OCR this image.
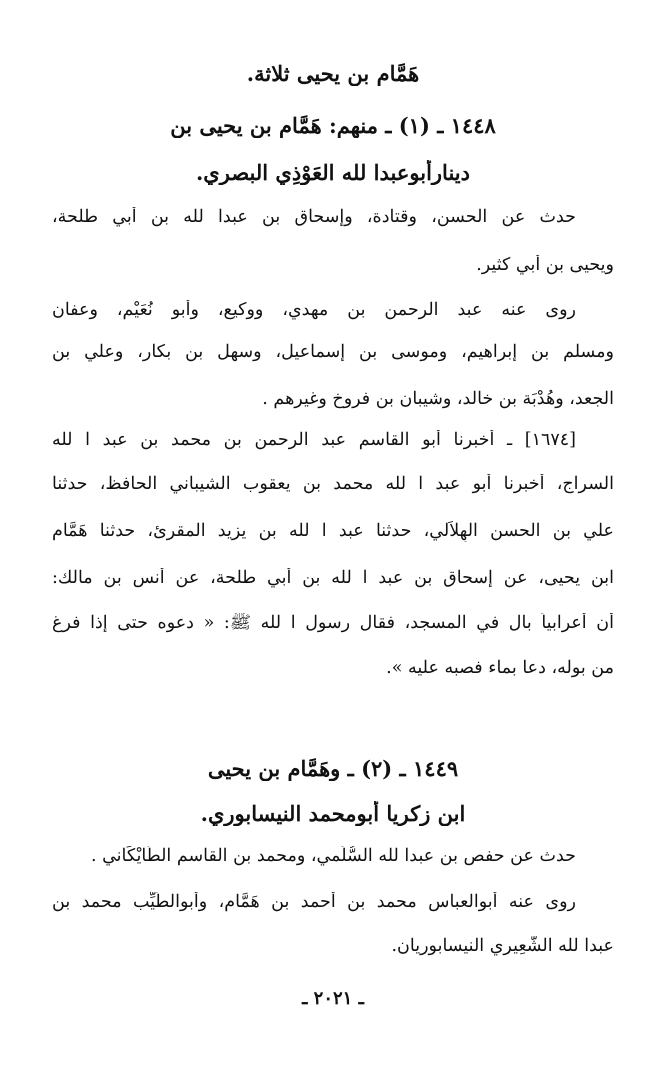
هَمَّام بن يحيى ثلاثة.
١٤٤٨ ـ (١) ـ منهم: هَمَّام بن يحيى بن
دينارأبوعبدا لله العَوْذِي البصري.
حدث عن الحسن، وقتادة، وإسحاق بن عبدا لله بن أبي طلحة،
ويحيى بن أبي كثير.
روى عنه عبد الرحمن بن مهدي، ووكيع، وأبو نُعَيْم، وعفان
ومسلم بن إبراهيم، وموسى بن إسماعيل، وسهل بن بكار، وعلي بن
الجعد، وهُدْبَة بن خالد، وشيبان بن فروخ وغيرهم .
[١٦٧٤] ـ أخبرنا أبو القاسم عبد الرحمن بن محمد بن عبد ا لله
السراج، أخبرنا أبو عبد ا لله محمد بن يعقوب الشيباني الحافظ، حدثنا
علي بن الحسن الهِلاَلي، حدثنا عبد ا لله بن يزيد المقرئ، حدثنا هَمَّام
ابن يحيى، عن إسحاق بن عبد ا لله بن أبي طلحة، عن أنس بن مالك:
أن أعرابياً بال في المسجد، فقال رسول ا لله ﷺ: « دعوه حتى إذا فرغ
من بوله، دعا بماء فصبه عليه ».
١٤٤٩ ـ (٢) ـ وهَمَّام بن يحيى
ابن زكريا أبومحمد النيسابوري.
حدث عن حفص بن عبدا لله السُّلَمي، ومحمد بن القاسم الطَّايْكَاني .
روى عنه أبوالعباس محمد بن أحمد بن هَمَّام، وأبوالطَّيِّب محمد بن
عبدا لله الشَّعِيري النيسابوريان.
ـ ٢٠٢١ ـ
